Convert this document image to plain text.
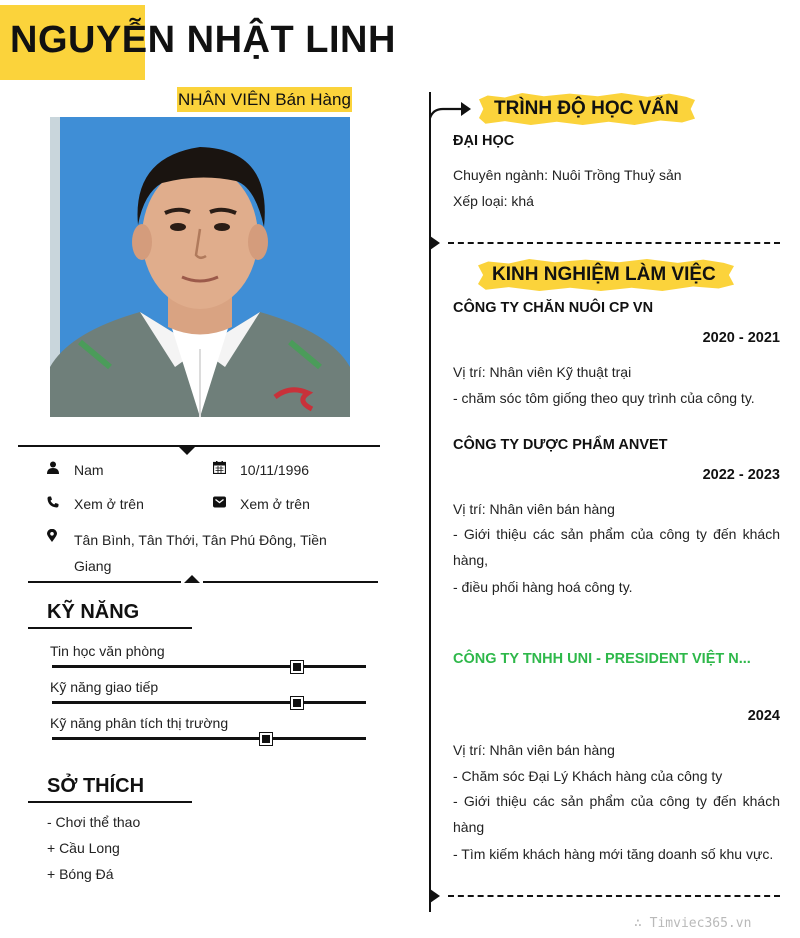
NGUYỄN NHẬT LINH
NHÂN VIÊN Bán Hàng
Nam	10/11/1996
Xem ở trên	Xem ở trên
Tân Bình, Tân Thới, Tân Phú Đông, Tiền Giang
KỸ NĂNG
Tin học văn phòng
Kỹ năng giao tiếp
Kỹ năng phân tích thị trường
SỞ THÍCH
- Chơi thể thao
+ Cầu Long
+ Bóng Đá
TRÌNH ĐỘ HỌC VẤN
ĐẠI HỌC
Chuyên ngành: Nuôi Trồng Thuỷ sản
Xếp loại: khá
KINH NGHIỆM LÀM VIỆC
CÔNG TY CHĂN NUÔI CP VN
2020 - 2021
Vị trí: Nhân viên Kỹ thuật trại
- chăm sóc tôm giống theo quy trình của công ty.
CÔNG TY DƯỢC PHẨM ANVET
2022 - 2023
Vị trí: Nhân viên bán hàng
- Giới thiệu các sản phẩm của công ty đến khách hàng,
- điều phối hàng hoá công ty.
CÔNG TY TNHH UNI - PRESIDENT VIỆT N...
2024
Vị trí: Nhân viên bán hàng
- Chăm sóc Đại Lý Khách hàng của công ty
- Giới thiệu các sản phẩm của công ty đến khách hàng
- Tìm kiếm khách hàng mới tăng doanh số khu vực.
∴ Timviec365.vn
